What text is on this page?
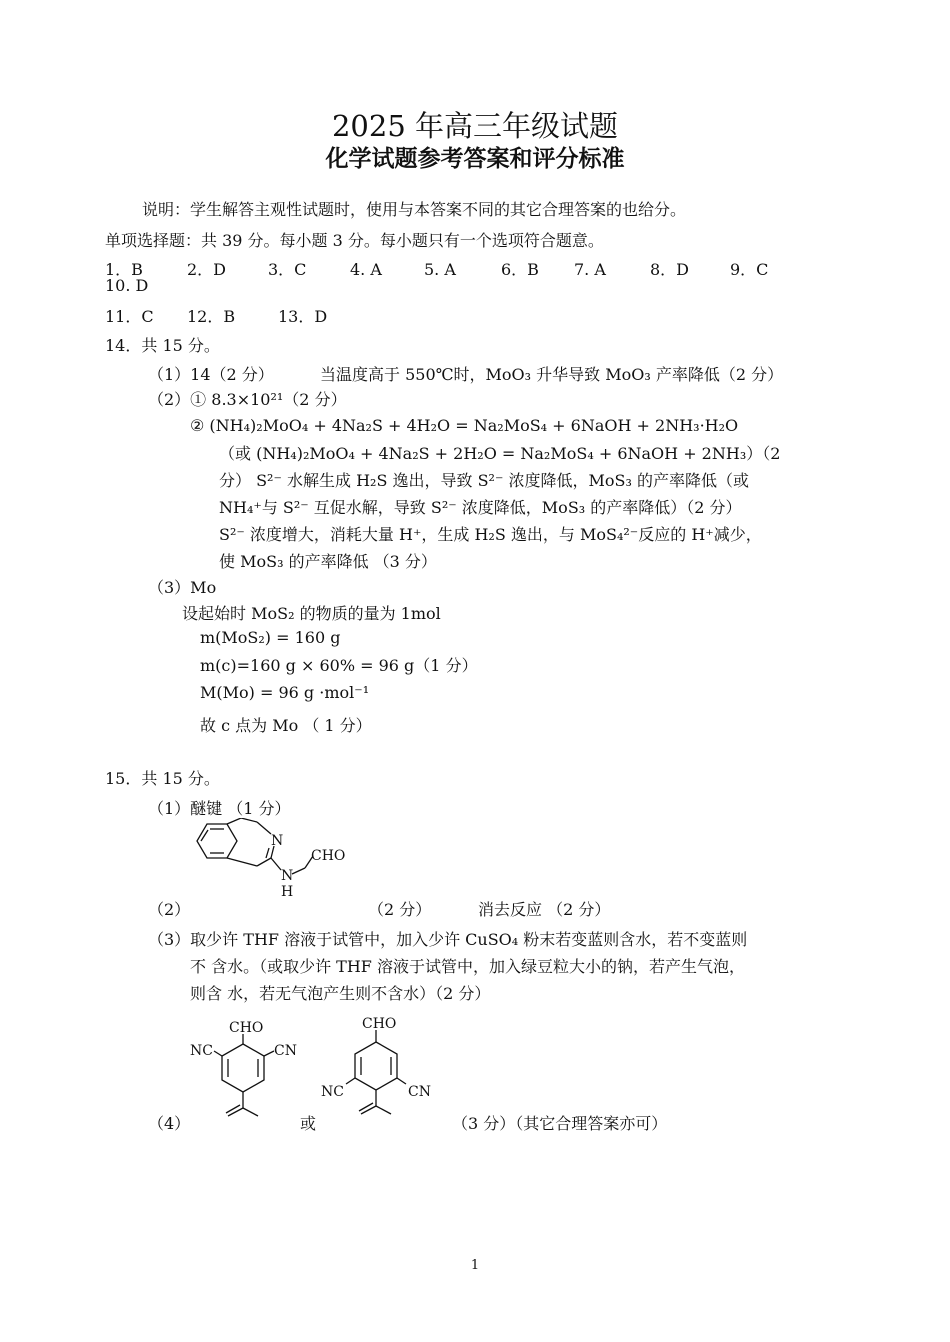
2025 年高三年级试题
化学试题参考答案和评分标准
说明：学生解答主观性试题时，使用与本答案不同的其它合理答案的也给分。
单项选择题：共 39 分。每小题 3 分。每小题只有一个选项符合题意。
1．B	2．D	3．C	4. A	5. A	6．B 7. A	8．D	9．C
10. D
11．C 12．B	13．D
14．共 15 分。
（1）14（2 分）	当温度高于 550℃时，MoO₃ 升华导致 MoO₃ 产率降低（2 分）
（2）① 8.3×10²¹（2 分）
② (NH₄)₂MoO₄ + 4Na₂S + 4H₂O = Na₂MoS₄ + 6NaOH + 2NH₃·H₂O
（或 (NH₄)₂MoO₄ + 4Na₂S + 2H₂O = Na₂MoS₄ + 6NaOH + 2NH₃）（2
分） S²⁻ 水解生成 H₂S 逸出，导致 S²⁻ 浓度降低，MoS₃ 的产率降低（或
NH₄⁺与 S²⁻ 互促水解，导致 S²⁻ 浓度降低，MoS₃ 的产率降低）（2 分）
S²⁻ 浓度增大，消耗大量 H⁺，生成 H₂S 逸出，与 MoS₄²⁻反应的 H⁺减少，
使 MoS₃ 的产率降低 （3 分）
（3）Mo
设起始时 MoS₂ 的物质的量为 1mol
m(MoS₂) = 160 g
m(c)=160 g × 60% = 96 g（1 分）
M(Mo) = 96 g ·mol⁻¹
故 c 点为 Mo （ 1 分）
15．共 15 分。
（1）醚键 （1 分）
N
N
H
CHO
（2）	（2 分）	消去反应 （2 分）
（3）取少许 THF 溶液于试管中，加入少许 CuSO₄ 粉末若变蓝则含水，若不变蓝则
不 含水。（或取少许 THF 溶液于试管中，加入绿豆粒大小的钠，若产生气泡，
则含 水，若无气泡产生则不含水）（2 分）
CHO
NC	CN
CHO
NC	CN
（4）	或	（3 分）（其它合理答案亦可）
1
